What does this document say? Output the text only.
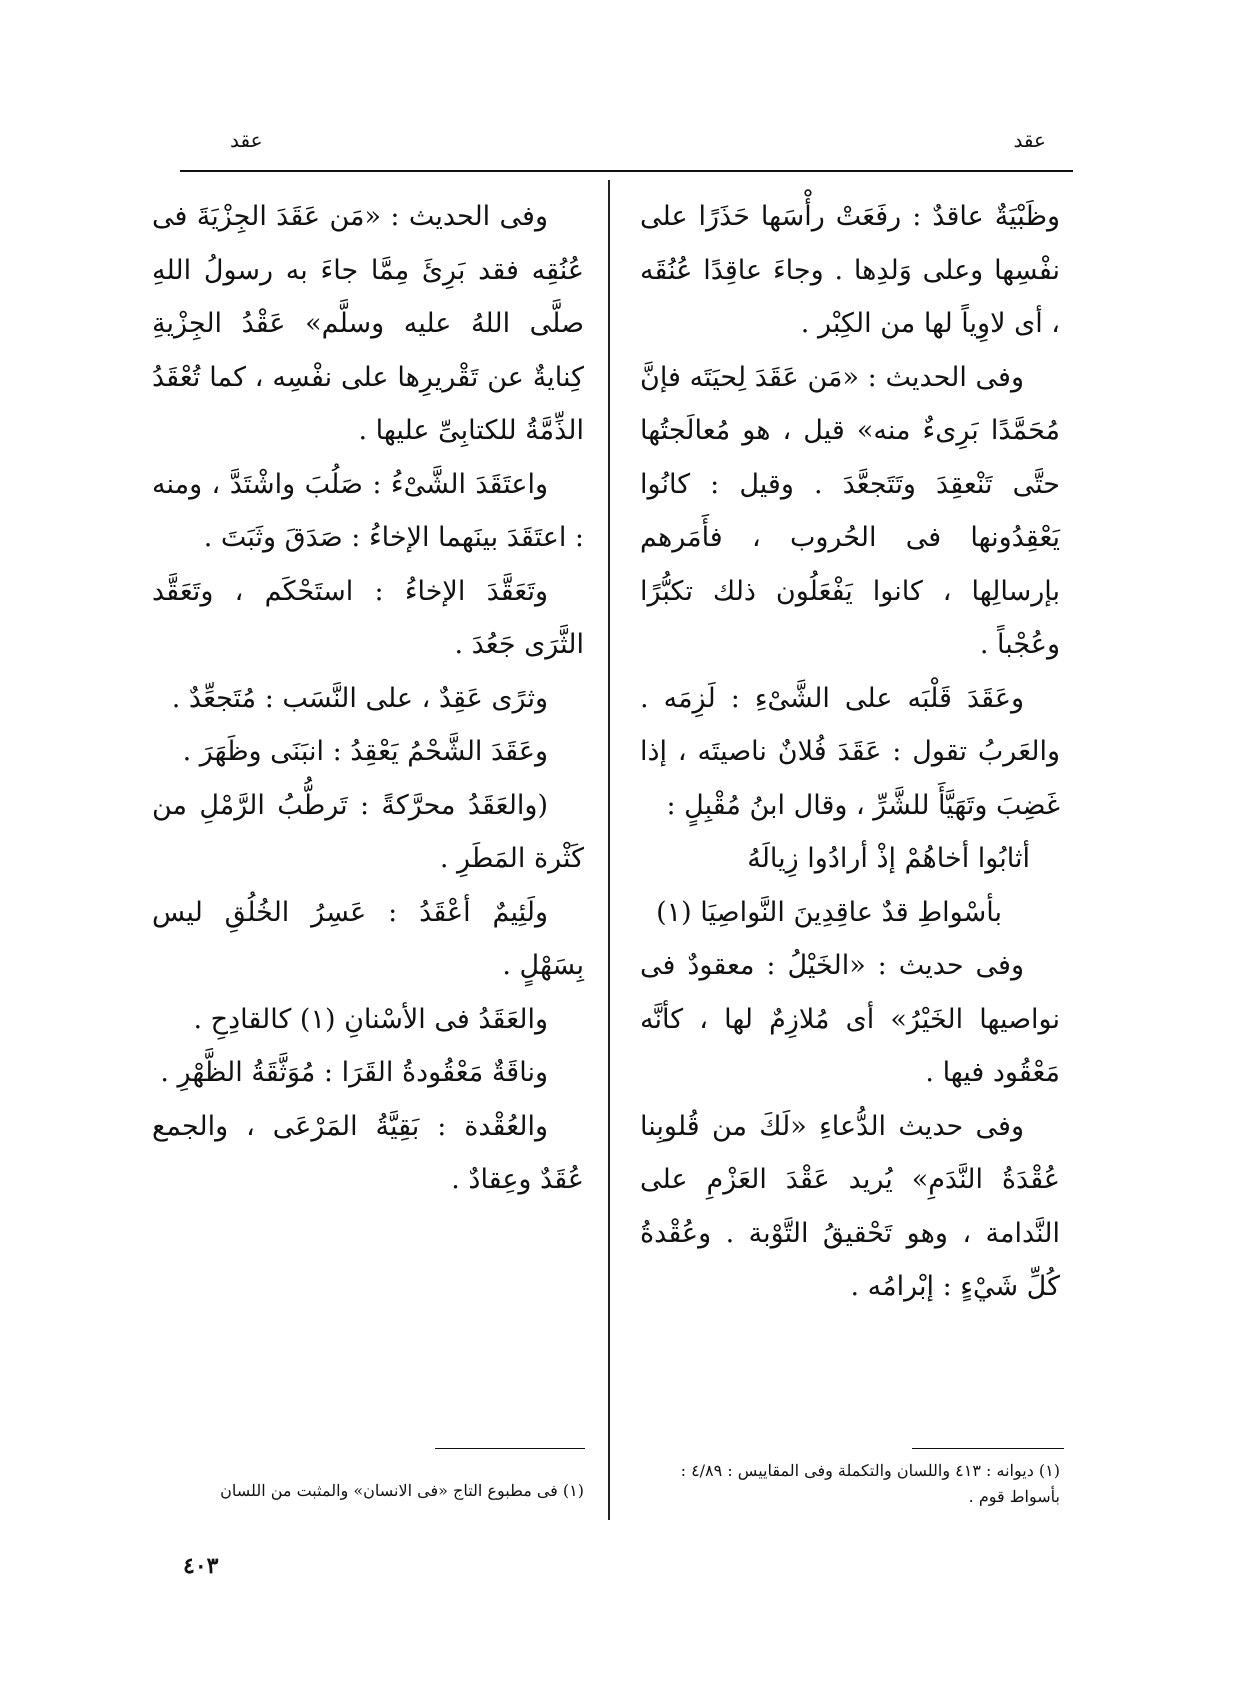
عقد
عقد

وظَبْيَةٌ عاقدٌ : رفَعَتْ رأْسَها حَذَرًا على نفْسِها وعلى وَلدِها . وجاءَ عاقِدًا عُنُقَه ، أى لاوِياً لها من الكِبْر .

وفى الحديث : «مَن عَقَدَ لِحيَتَه فإنَّ مُحَمَّدًا بَرِىءٌ منه» قيل ، هو مُعالَجتُها حتَّى تَنْعقِدَ وتَتَجعَّدَ . وقيل : كانُوا يَعْقِدُونها فى الحُروب ، فأَمَرهم بإرسالِها ، كانوا يَفْعَلُون ذلك تكبُّرًا وعُجْباً .

وعَقَدَ قَلْبَه على الشَّىْءِ : لَزِمَه . والعَربُ تقول : عَقَدَ فُلانٌ ناصيتَه ، إذا غَضِبَ وتَهَيَّأَ للشَّرِّ ، وقال ابنُ مُقْبِلٍ :

أثابُوا أخاهُمْ إذْ أرادُوا زِيالَهُ
بأسْواطِ قدٌ عاقِدِينَ النَّواصِيَا (١)

وفى حديث : «الخَيْلُ : معقودٌ فى نواصيها الخَيْرُ» أى مُلازِمٌ لها ، كأنَّه مَعْقُود فيها .

وفى حديث الدُّعاءِ «لَكَ من قُلوبِنا عُقْدَةُ النَّدَمِ» يُريد عَقْدَ العَزْمِ على النَّدامة ، وهو تَحْقيقُ التَّوْبة . وعُقْدةُ كُلِّ شَيْءٍ : إبْرامُه .

وفى الحديث : «مَن عَقَدَ الجِزْيَةَ فى عُنُقِه فقد بَرِئَ مِمَّا جاءَ به رسولُ اللهِ صلَّى اللهُ عليه وسلَّم» عَقْدُ الجِزْيةِ كِنايةٌ عن تَقْريرِها على نفْسِه ، كما تُعْقَدُ الذِّمَّةُ للكتابِىِّ عليها .

واعتَقَدَ الشَّىْءُ : صَلُبَ واشْتَدَّ ، ومنه : اعتَقَدَ بينَهما الإخاءُ : صَدَقَ وثَبَتَ .

وتَعَقَّدَ الإخاءُ : استَحْكَم ، وتَعَقَّد الثَّرَى جَعُدَ .

وثرًى عَقِدٌ ، على النَّسَب : مُتَجعِّدٌ .

وعَقَدَ الشَّحْمُ يَعْقِدُ : انبَنَى وظَهَرَ .

(والعَقَدُ محرَّكةً : تَرطُّبُ الرَّمْلِ من كَثْرة المَطَرِ .

ولَئِيمٌ أعْقَدُ : عَسِرُ الخُلُقِ ليس بِسَهْلٍ .

والعَقَدُ فى الأسْنانِ (١) كالقادِحِ .

وناقَةٌ مَعْقُودةُ القَرَا : مُوَثَّقَةُ الظَّهْرِ .

والعُقْدة : بَقِيَّةُ المَرْعَى ، والجمع عُقَدٌ وعِقادٌ .

(١) ديوانه : ٤١٣ واللسان والتكملة وفى المقاييس : ٤/٨٩ : بأسواط قوم .
(١) فى مطبوع التاج «فى الانسان» والمثبت من اللسان
٤٠٣
